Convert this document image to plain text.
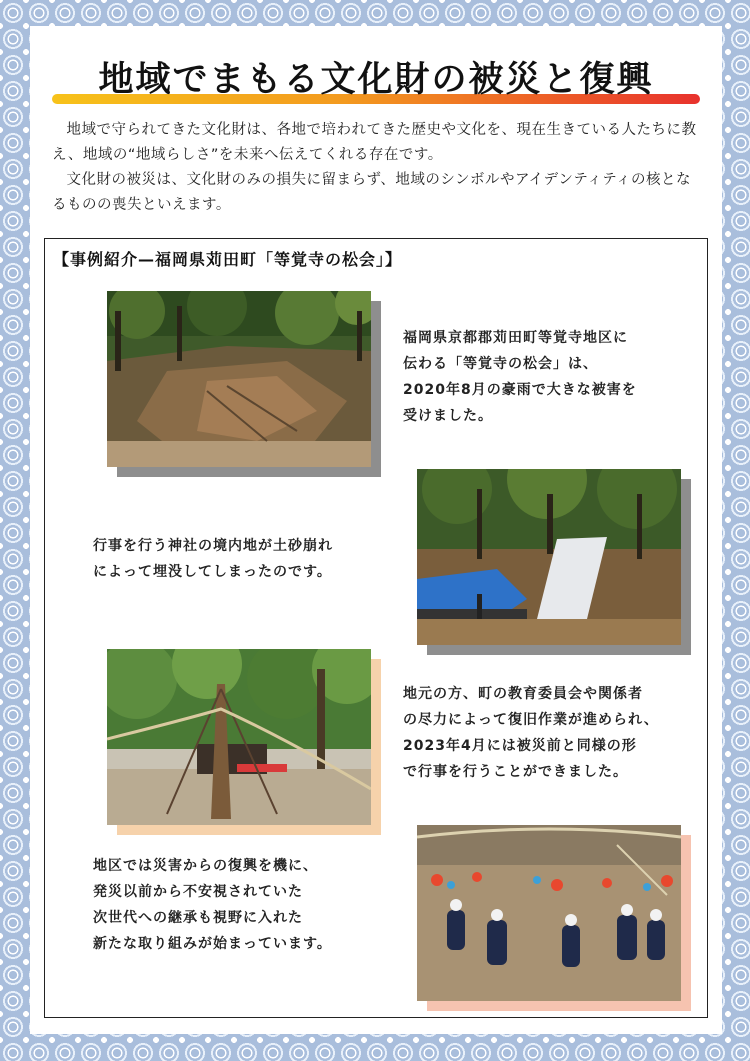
地域でまもる文化財の被災と復興

地域で守られてきた文化財は、各地で培われてきた歴史や文化を、現在生きている人たちに教え、地域の“地域らしさ”を未来へ伝えてくれる存在です。

文化財の被災は、文化財のみの損失に留まらず、地域のシンボルやアイデンティティの核となるものの喪失といえます。

【事例紹介—福岡県苅田町「等覚寺の松会」】
福岡県京都郡苅田町等覚寺地区に
伝わる「等覚寺の松会」は、
2020年8月の豪雨で大きな被害を
受けました。
行事を行う神社の境内地が土砂崩れ
によって埋没してしまったのです。
地元の方、町の教育委員会や関係者
の尽力によって復旧作業が進められ、
2023年4月には被災前と同様の形
で行事を行うことができました。
地区では災害からの復興を機に、
発災以前から不安視されていた
次世代への継承も視野に入れた
新たな取り組みが始まっています。
